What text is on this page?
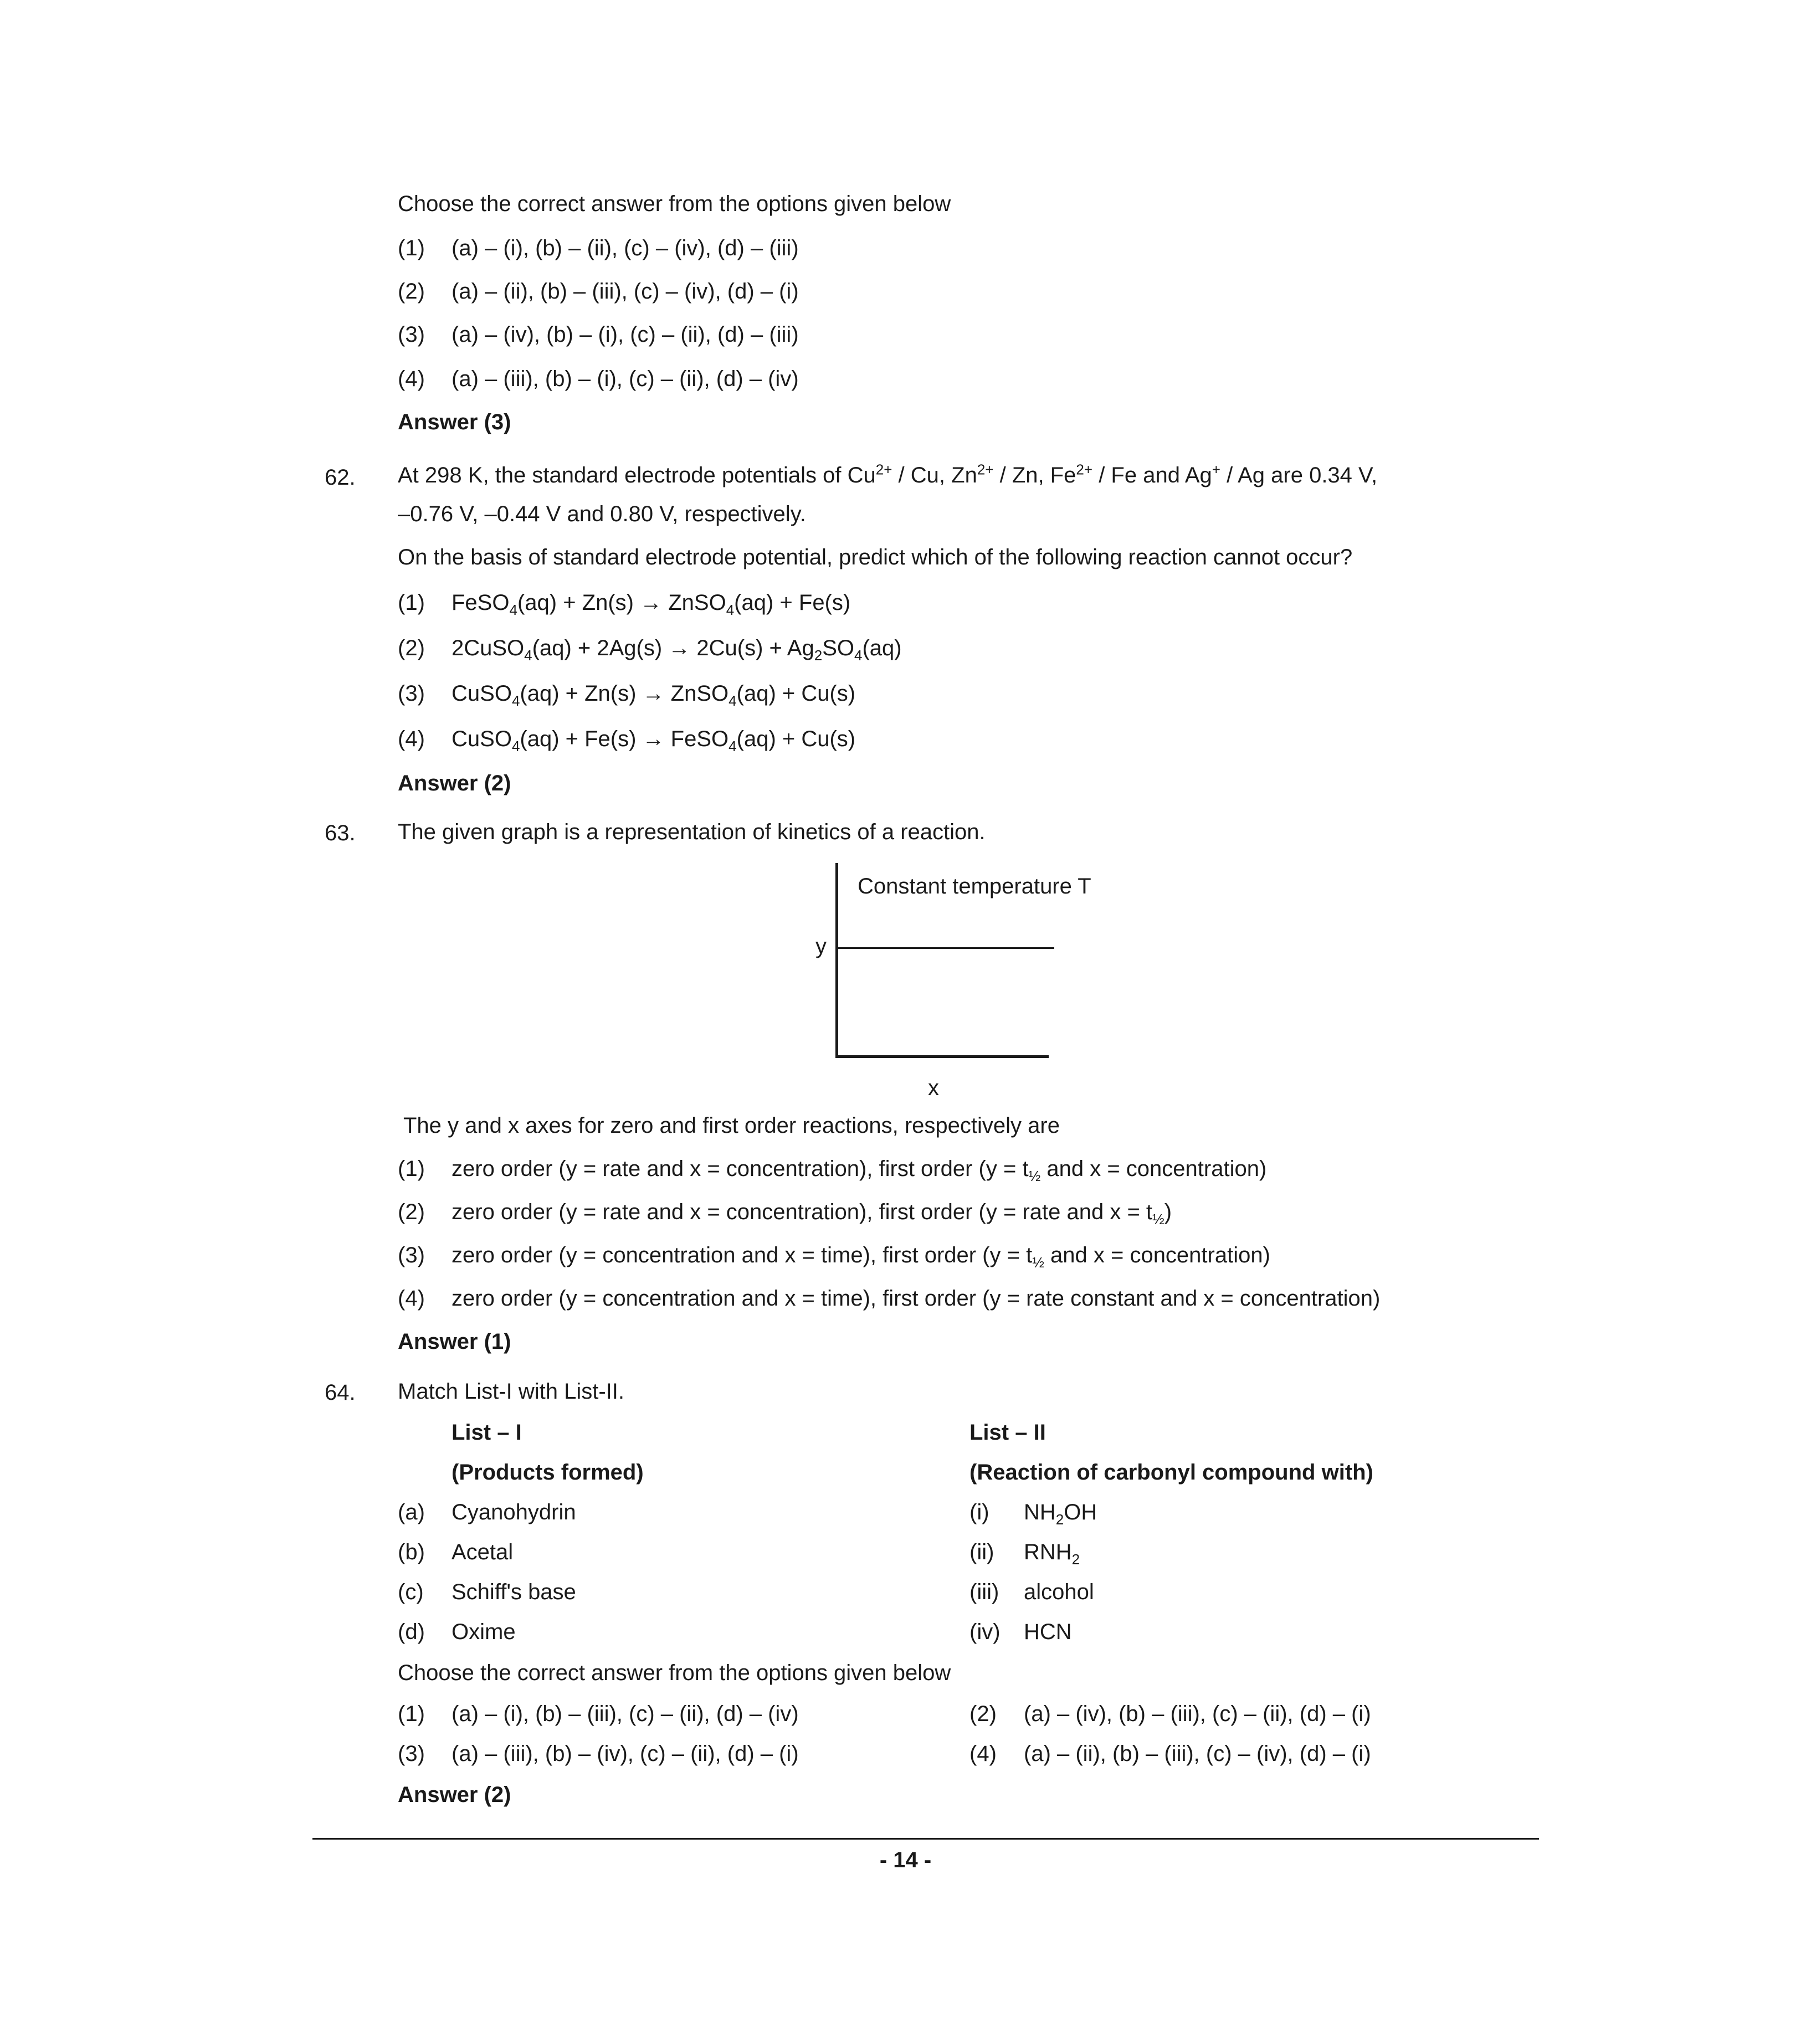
Choose the correct answer from the options given below
(1) (a) – (i), (b) – (ii), (c) – (iv), (d) – (iii)
(2) (a) – (ii), (b) – (iii), (c) – (iv), (d) – (i)
(3) (a) – (iv), (b) – (i), (c) – (ii), (d) – (iii)
(4) (a) – (iii), (b) – (i), (c) – (ii), (d) – (iv)
Answer (3)
62. At 298 K, the standard electrode potentials of $Cu^{2+}$ / Cu, $Zn^{2+}$ / Zn, $Fe^{2+}$ / Fe and Ag+ / Ag are 0.34 V,
–0.76 V, –0.44 V and 0.80 V, respectively.
On the basis of standard electrode potential, predict which of the following reaction cannot occur?
(1) FeSO$_4$(aq) + Zn(s) → ZnSO$_4$(aq) + Fe(s)
(2) 2CuSO$_4$(aq) + $2Ag(s) \to 2Cu(s) + Ag_2SO_4(aq)$
(3) CuSO$_4$(aq) + Zn(s) → ZnSO$_4$(aq) + Cu(s)
(4) CuSO$_4$(aq) + Fe(s) → FeSO$_4$(aq) + Cu(s)
Answer (2)
63. The given graph is a representation of kinetics of a reaction.
Constant temperature T
y
x
The y and x axes for zero and first order reactions, respectively are
(1) zero order (y = rate and x = concentration), first order ($y = t_{\frac{1}{2}}$ and x = concentration)
(2) zero order (y = rate and x = concentration), first order (y = rate and $x = t_{\frac{1}{2}}$)
(3) zero order (y = concentration and x = time), first order ($y = t_{\frac{1}{2}}$ and x = concentration)
(4) zero order (y = concentration and x = time), first order (y = rate constant and x = concentration)
Answer (1)
64. Match List-I with List-II.
List – I
(Products formed)
List – II
(Reaction of carbonyl compound with)
(a) Cyanohydrin
(b) Acetal
(c) Schiff's base
(d) Oxime
(i) $NH_2OH$
(ii) $RNH_2$
(iii) alcohol
(iv) HCN
Choose the correct answer from the options given below
(1) (a) – (i), (b) – (iii), (c) – (ii), (d) – (iv)	(2) (a) – (iv), (b) – (iii), (c) – (ii), (d) – (i)
(3) (a) – (iii), (b) – (iv), (c) – (ii), (d) – (i)	(4) (a) – (ii), (b) – (iii), (c) – (iv), (d) – (i)
Answer (2)
- 14 -
